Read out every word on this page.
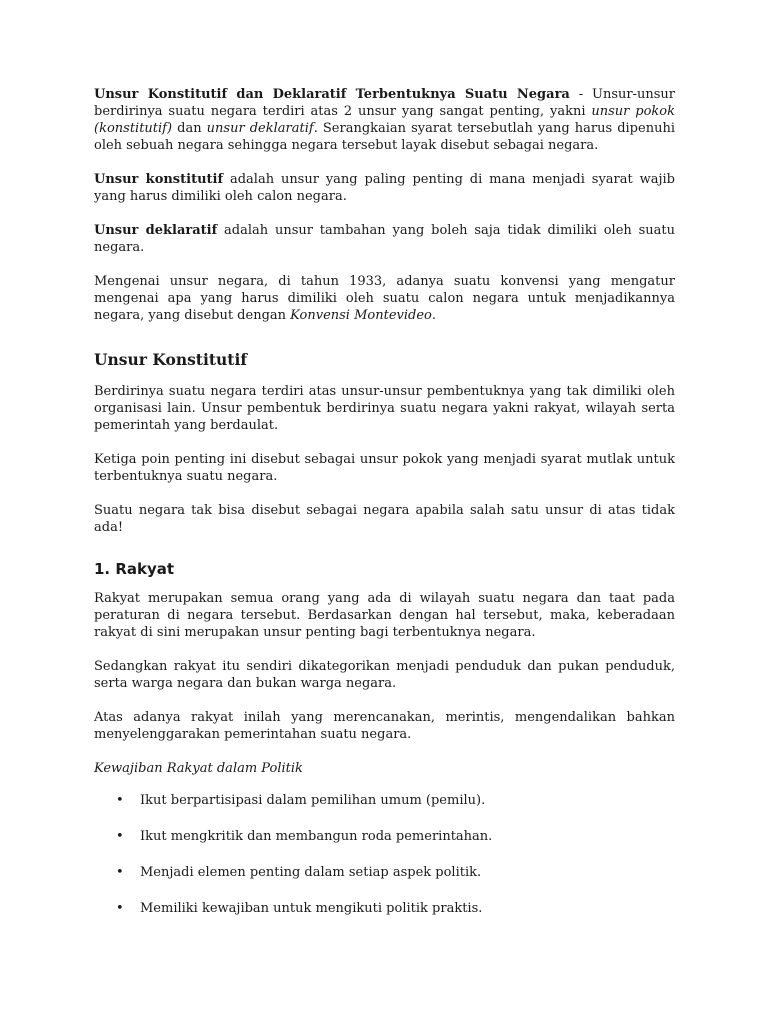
Unsur Konstitutif dan Deklaratif Terbentuknya Suatu Negara - Unsur-unsur berdirinya suatu negara terdiri atas 2 unsur yang sangat penting, yakni unsur pokok (konstitutif) dan unsur deklaratif. Serangkaian syarat tersebutlah yang harus dipenuhi oleh sebuah negara sehingga negara tersebut layak disebut sebagai negara.

Unsur konstitutif adalah unsur yang paling penting di mana menjadi syarat wajib yang harus dimiliki oleh calon negara.

Unsur deklaratif adalah unsur tambahan yang boleh saja tidak dimiliki oleh suatu negara.

Mengenai unsur negara, di tahun 1933, adanya suatu konvensi yang mengatur mengenai apa yang harus dimiliki oleh suatu calon negara untuk menjadikannya negara, yang disebut dengan Konvensi Montevideo.

Unsur Konstitutif

Berdirinya suatu negara terdiri atas unsur-unsur pembentuknya yang tak dimiliki oleh organisasi lain. Unsur pembentuk berdirinya suatu negara yakni rakyat, wilayah serta pemerintah yang berdaulat.

Ketiga poin penting ini disebut sebagai unsur pokok yang menjadi syarat mutlak untuk terbentuknya suatu negara.

Suatu negara tak bisa disebut sebagai negara apabila salah satu unsur di atas tidak ada!

1. Rakyat

Rakyat merupakan semua orang yang ada di wilayah suatu negara dan taat pada peraturan di negara tersebut. Berdasarkan dengan hal tersebut, maka, keberadaan rakyat di sini merupakan unsur penting bagi terbentuknya negara.

Sedangkan rakyat itu sendiri dikategorikan menjadi penduduk dan pukan penduduk, serta warga negara dan bukan warga negara.

Atas adanya rakyat inilah yang merencanakan, merintis, mengendalikan bahkan menyelenggarakan pemerintahan suatu negara.

Kewajiban Rakyat dalam Politik

• Ikut berpartisipasi dalam pemilihan umum (pemilu).
• Ikut mengkritik dan membangun roda pemerintahan.
• Menjadi elemen penting dalam setiap aspek politik.
• Memiliki kewajiban untuk mengikuti politik praktis.
